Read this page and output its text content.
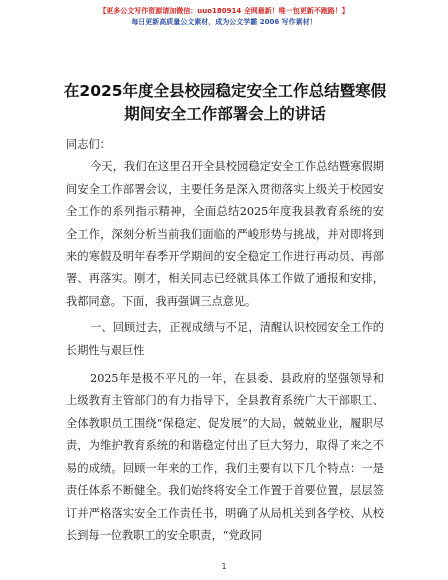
【更多公文写作资源请加微信：uuo180914 全网最新！唯一包更新不跑路！】
每日更新高质量公文素材，成为公文学霸 2006 写作素材！
在2025年度全县校园稳定安全工作总结暨寒假期间安全工作部署会上的讲话

同志们：

今天，我们在这里召开全县校园稳定安全工作总结暨寒假期间安全工作部署会议，主要任务是深入贯彻落实上级关于校园安全工作的系列指示精神，全面总结2025年度我县教育系统的安全工作，深刻分析当前我们面临的严峻形势与挑战，并对即将到来的寒假及明年春季开学期间的安全稳定工作进行再动员、再部署、再落实。刚才，相关同志已经就具体工作做了通报和安排，我都同意。下面，我再强调三点意见。

一、回顾过去，正视成绩与不足，清醒认识校园安全工作的长期性与艰巨性

2025年是极不平凡的一年，在县委、县政府的坚强领导和上级教育主管部门的有力指导下，全县教育系统广大干部职工、全体教职员工围绕“保稳定、促发展”的大局，兢兢业业，履职尽责，为维护教育系统的和谐稳定付出了巨大努力，取得了来之不易的成绩。回顾一年来的工作，我们主要有以下几个特点：一是责任体系不断健全。我们始终将安全工作置于首要位置，层层签订并严格落实安全工作责任书，明确了从局机关到各学校、从校长到每一位教职工的安全职责，“党政同

1
